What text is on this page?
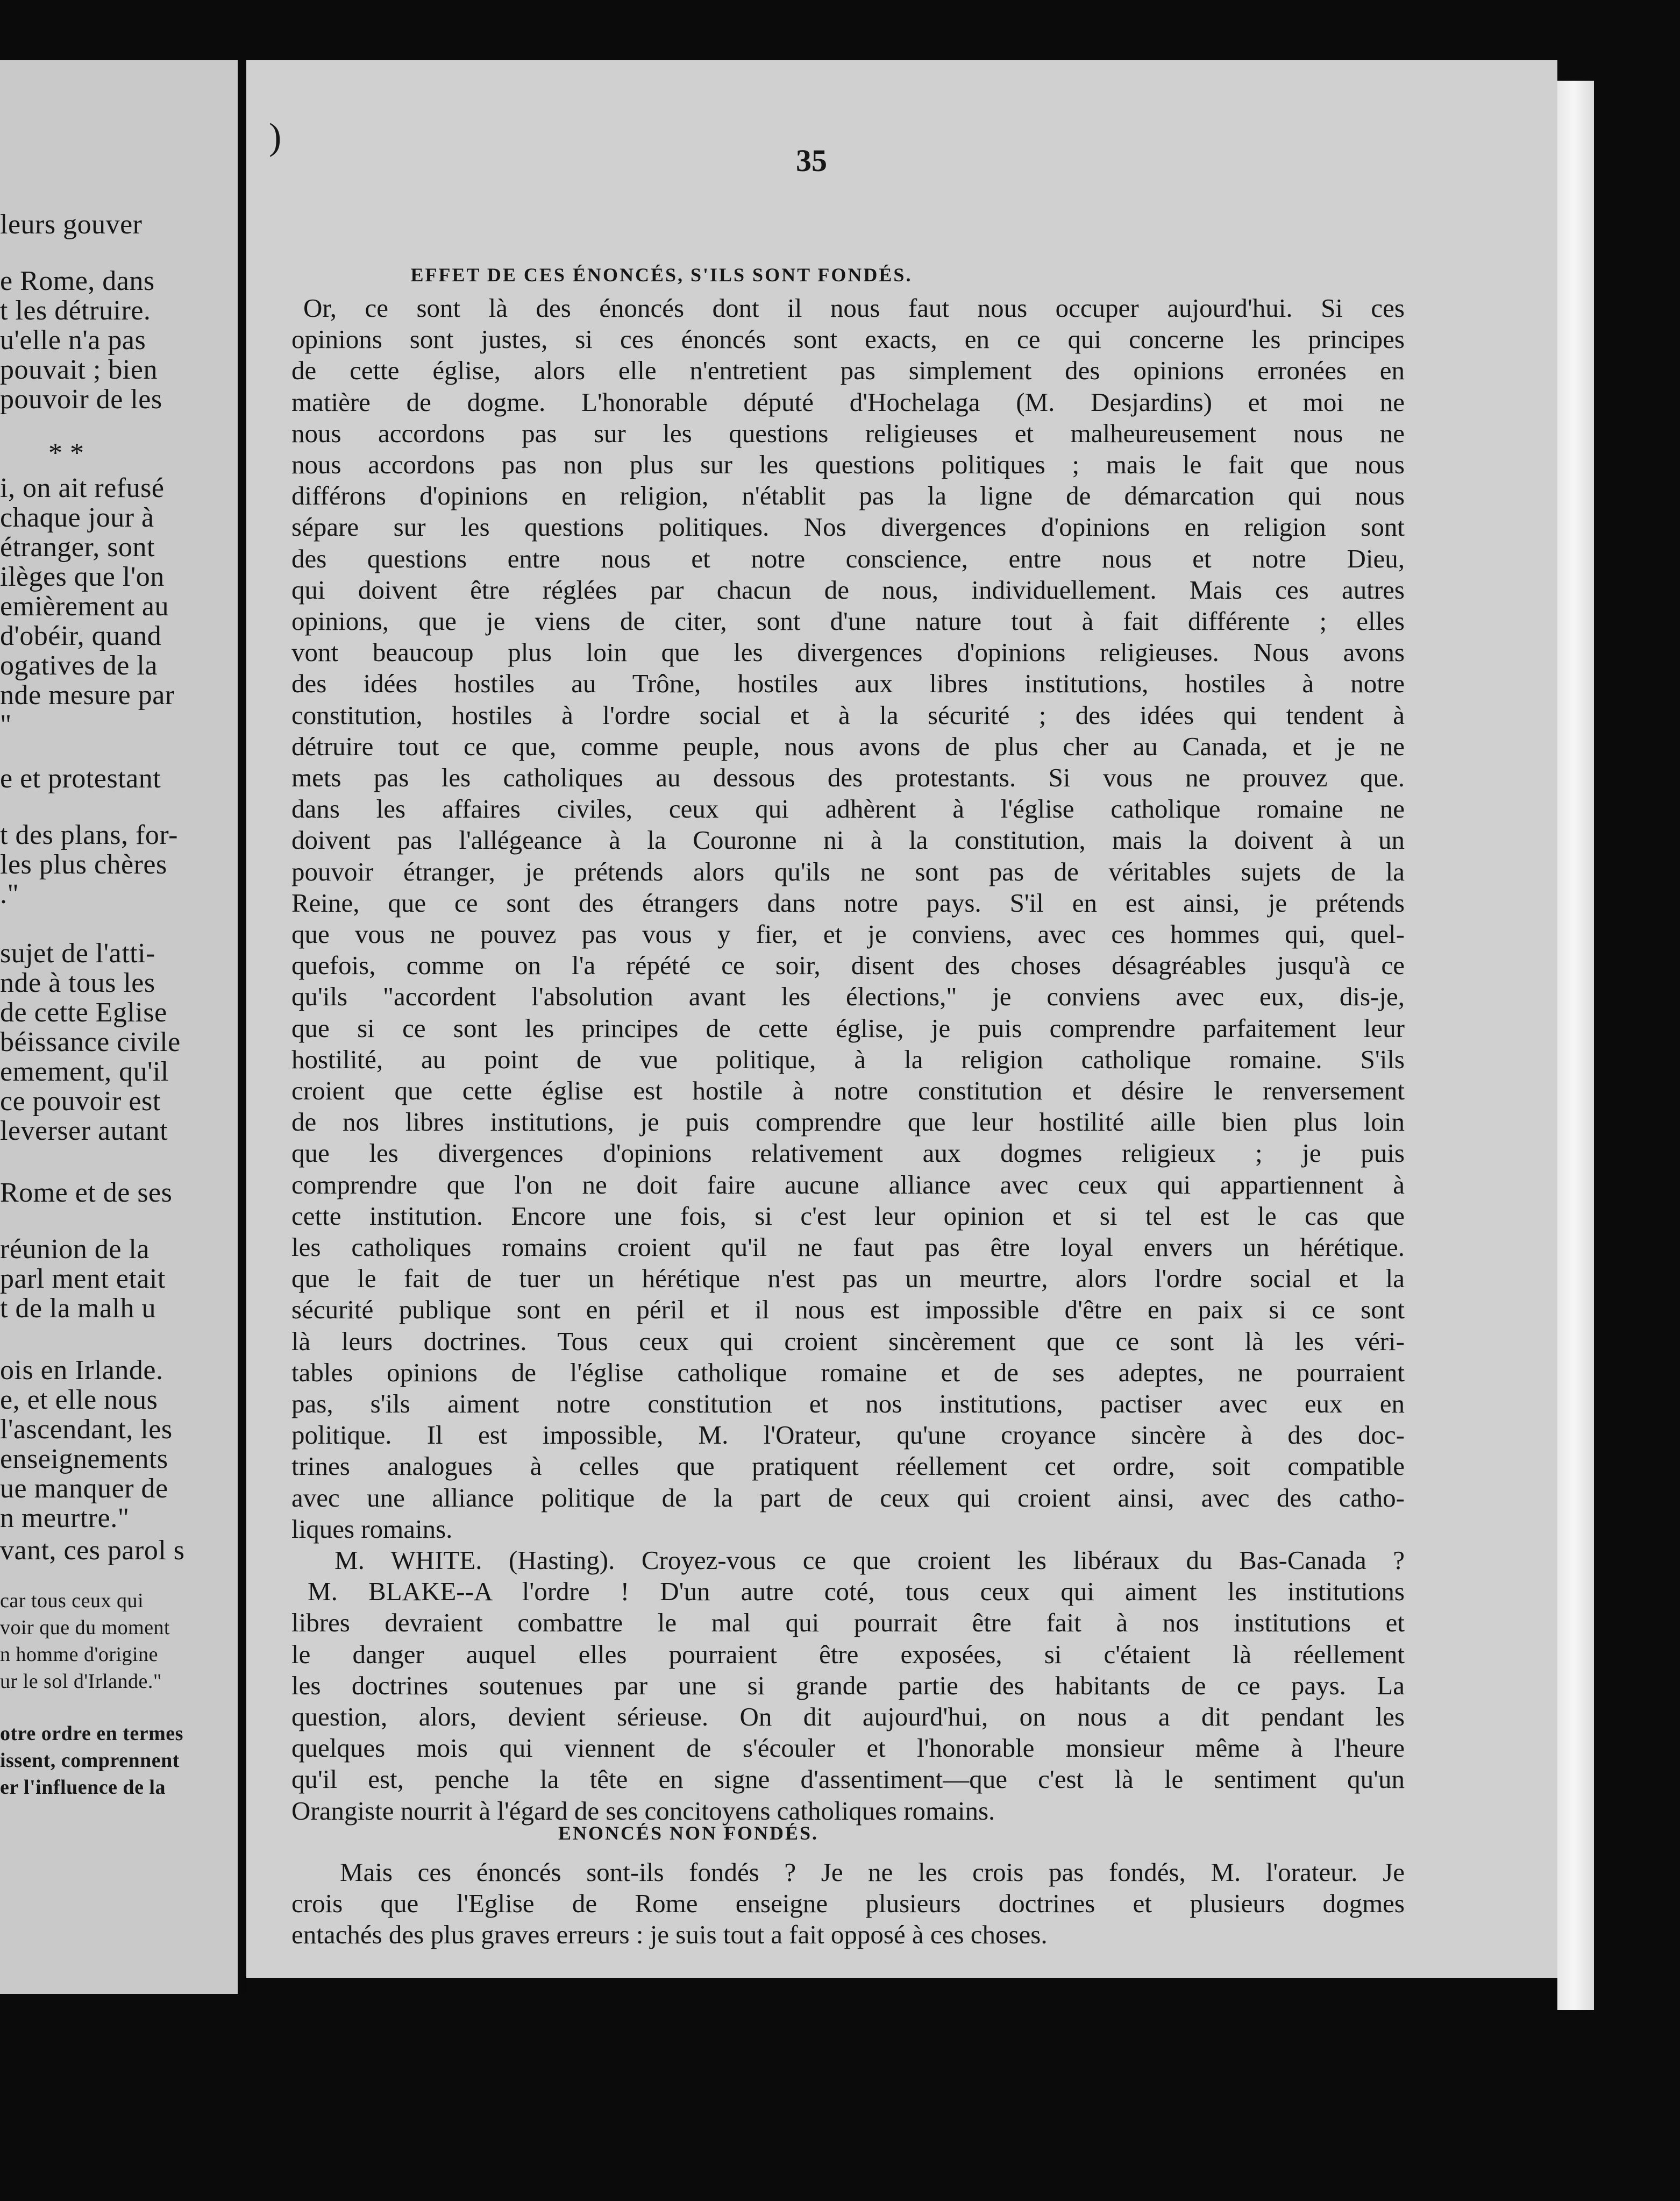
leurs gouver
e Rome, dans
t les détruire.
u'elle n'a pas
pouvait ; bien
pouvoir de les
* *
i, on ait refusé
chaque jour à
étranger, sont
ilèges que l'on
emièrement au
d'obéir, quand
ogatives de la
nde mesure par
"
e et protestant
t des plans, for-
les plus chères
."
sujet de l'atti-
nde à tous les
de cette Eglise
béissance civile
emement, qu'il
ce pouvoir est
leverser autant
Rome et de ses
réunion de la
parl ment etait
t de la malh u
ois en Irlande.
e, et elle nous
l'ascendant, les
enseignements
ue manquer de
n meurtre."
vant, ces parol s
car tous ceux qui
voir que du moment
n homme d'origine
ur le sol d'Irlande."
otre ordre en termes
issent, comprennent
er l'influence de la
)
35
EFFET DE CES ÉNONCÉS, S'ILS SONT FONDÉS.
Or, ce sont là des énoncés dont il nous faut nous occuper aujourd'hui. Si ces
opinions sont justes, si ces énoncés sont exacts, en ce qui concerne les principes
de cette église, alors elle n'entretient pas simplement des opinions erronées en
matière de dogme. L'honorable député d'Hochelaga (M. Desjardins) et moi ne
nous accordons pas sur les questions religieuses et malheureusement nous ne
nous accordons pas non plus sur les questions politiques ; mais le fait que nous
différons d'opinions en religion, n'établit pas la ligne de démarcation qui nous
sépare sur les questions politiques. Nos divergences d'opinions en religion sont
des questions entre nous et notre conscience, entre nous et notre Dieu,
qui doivent être réglées par chacun de nous, individuellement. Mais ces autres
opinions, que je viens de citer, sont d'une nature tout à fait différente ; elles
vont beaucoup plus loin que les divergences d'opinions religieuses. Nous avons
des idées hostiles au Trône, hostiles aux libres institutions, hostiles à notre
constitution, hostiles à l'ordre social et à la sécurité ; des idées qui tendent à
détruire tout ce que, comme peuple, nous avons de plus cher au Canada, et je ne
mets pas les catholiques au dessous des protestants. Si vous ne prouvez que.
dans les affaires civiles, ceux qui adhèrent à l'église catholique romaine ne
doivent pas l'allégeance à la Couronne ni à la constitution, mais la doivent à un
pouvoir étranger, je prétends alors qu'ils ne sont pas de véritables sujets de la
Reine, que ce sont des étrangers dans notre pays. S'il en est ainsi, je prétends
que vous ne pouvez pas vous y fier, et je conviens, avec ces hommes qui, quel-
quefois, comme on l'a répété ce soir, disent des choses désagréables jusqu'à ce
qu'ils "accordent l'absolution avant les élections," je conviens avec eux, dis-je,
que si ce sont les principes de cette église, je puis comprendre parfaitement leur
hostilité, au point de vue politique, à la religion catholique romaine. S'ils
croient que cette église est hostile à notre constitution et désire le renversement
de nos libres institutions, je puis comprendre que leur hostilité aille bien plus loin
que les divergences d'opinions relativement aux dogmes religieux ; je puis
comprendre que l'on ne doit faire aucune alliance avec ceux qui appartiennent à
cette institution. Encore une fois, si c'est leur opinion et si tel est le cas que
les catholiques romains croient qu'il ne faut pas être loyal envers un hérétique.
que le fait de tuer un hérétique n'est pas un meurtre, alors l'ordre social et la
sécurité publique sont en péril et il nous est impossible d'être en paix si ce sont
là leurs doctrines. Tous ceux qui croient sincèrement que ce sont là les véri-
tables opinions de l'église catholique romaine et de ses adeptes, ne pourraient
pas, s'ils aiment notre constitution et nos institutions, pactiser avec eux en
politique. Il est impossible, M. l'Orateur, qu'une croyance sincère à des doc-
trines analogues à celles que pratiquent réellement cet ordre, soit compatible
avec une alliance politique de la part de ceux qui croient ainsi, avec des catho-
liques romains.
M. WHITE. (Hasting). Croyez-vous ce que croient les libéraux du Bas-Canada ?
M. BLAKE--A l'ordre ! D'un autre coté, tous ceux qui aiment les institutions
libres devraient combattre le mal qui pourrait être fait à nos institutions et
le danger auquel elles pourraient être exposées, si c'étaient là réellement
les doctrines soutenues par une si grande partie des habitants de ce pays. La
question, alors, devient sérieuse. On dit aujourd'hui, on nous a dit pendant les
quelques mois qui viennent de s'écouler et l'honorable monsieur même à l'heure
qu'il est, penche la tête en signe d'assentiment—que c'est là le sentiment qu'un
Orangiste nourrit à l'égard de ses concitoyens catholiques romains.
ENONCÉS NON FONDÉS.
Mais ces énoncés sont-ils fondés ? Je ne les crois pas fondés, M. l'orateur. Je
crois que l'Eglise de Rome enseigne plusieurs doctrines et plusieurs dogmes
entachés des plus graves erreurs : je suis tout a fait opposé à ces choses.
